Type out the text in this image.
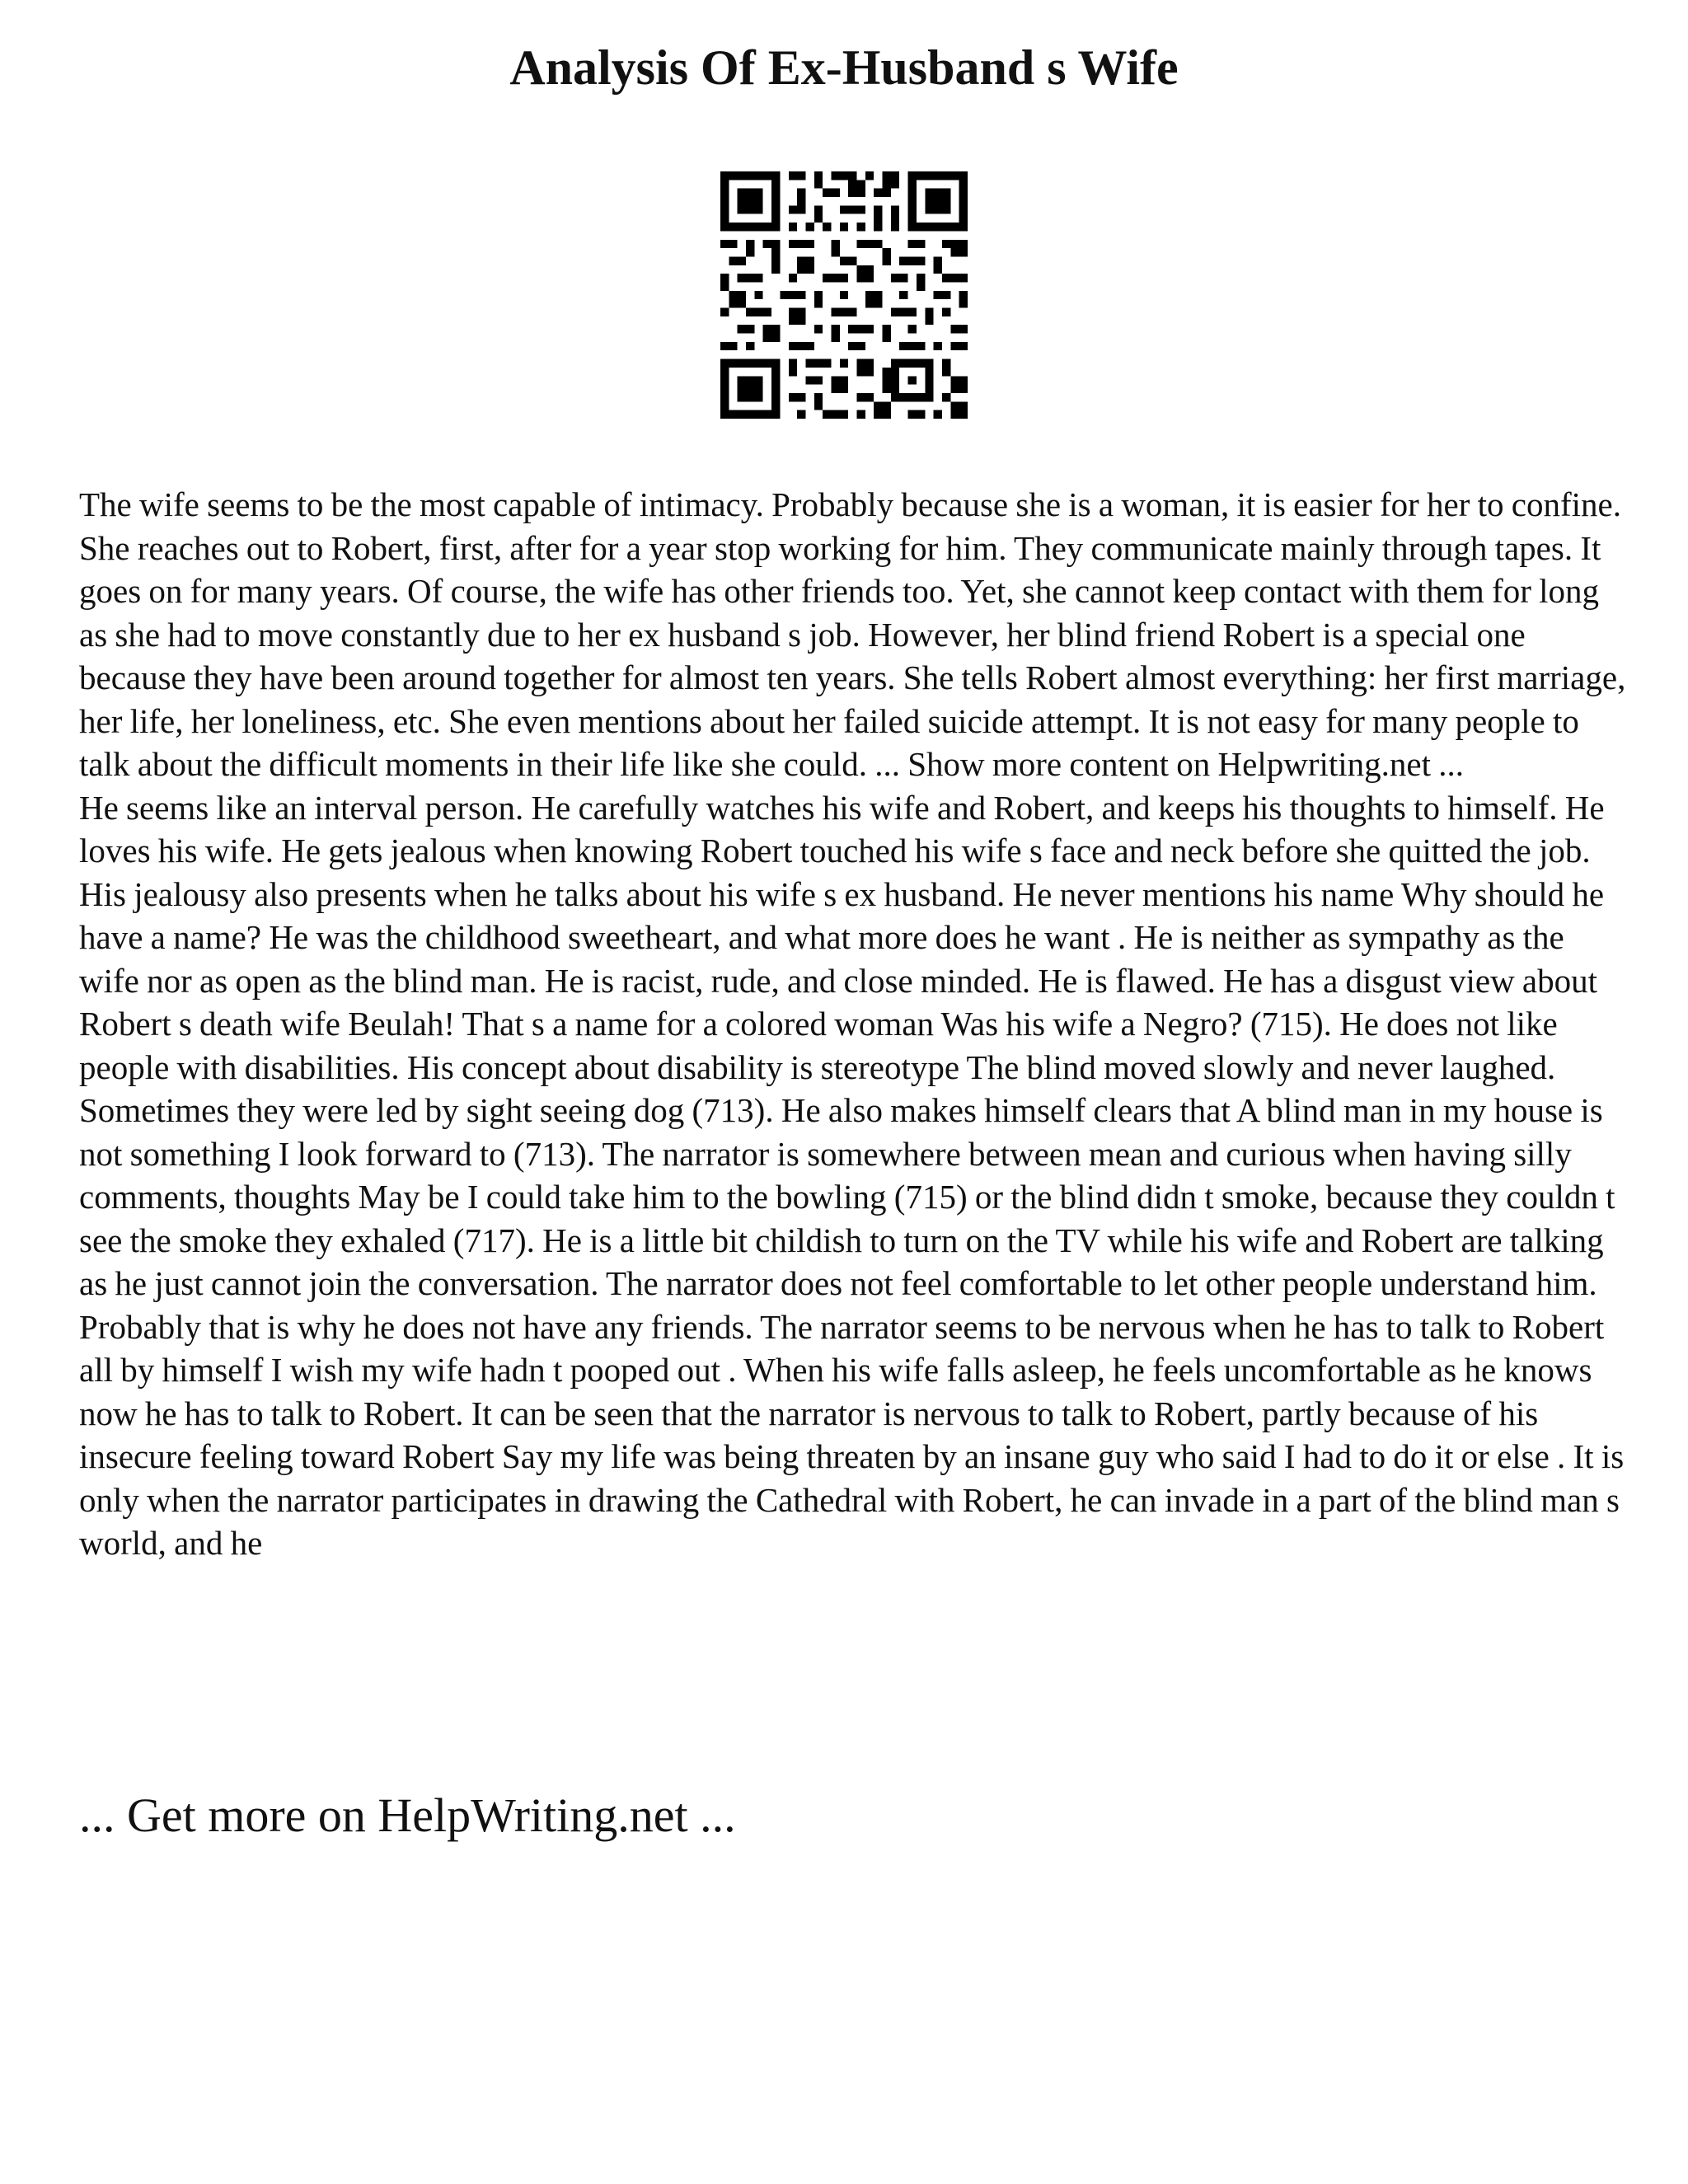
Analysis Of Ex-Husband s Wife

The wife seems to be the most capable of intimacy. Probably because she is a woman, it is easier for her to confine. She reaches out to Robert, first, after for a year stop working for him. They communicate mainly through tapes. It goes on for many years. Of course, the wife has other friends too. Yet, she cannot keep contact with them for long as she had to move constantly due to her ex husband s job. However, her blind friend Robert is a special one because they have been around together for almost ten years. She tells Robert almost everything: her first marriage, her life, her loneliness, etc. She even mentions about her failed suicide attempt. It is not easy for many people to talk about the difficult moments in their life like she could. ... Show more content on Helpwriting.net ...

He seems like an interval person. He carefully watches his wife and Robert, and keeps his thoughts to himself. He loves his wife. He gets jealous when knowing Robert touched his wife s face and neck before she quitted the job. His jealousy also presents when he talks about his wife s ex husband. He never mentions his name Why should he have a name? He was the childhood sweetheart, and what more does he want . He is neither as sympathy as the wife nor as open as the blind man. He is racist, rude, and close minded. He is flawed. He has a disgust view about Robert s death wife Beulah! That s a name for a colored woman Was his wife a Negro? (715). He does not like people with disabilities. His concept about disability is stereotype The blind moved slowly and never laughed. Sometimes they were led by sight seeing dog (713). He also makes himself clears that A blind man in my house is not something I look forward to (713). The narrator is somewhere between mean and curious when having silly comments, thoughts May be I could take him to the bowling (715) or the blind didn t smoke, because they couldn t see the smoke they exhaled (717). He is a little bit childish to turn on the TV while his wife and Robert are talking as he just cannot join the conversation. The narrator does not feel comfortable to let other people understand him. Probably that is why he does not have any friends. The narrator seems to be nervous when he has to talk to Robert all by himself I wish my wife hadn t pooped out . When his wife falls asleep, he feels uncomfortable as he knows now he has to talk to Robert. It can be seen that the narrator is nervous to talk to Robert, partly because of his insecure feeling toward Robert Say my life was being threaten by an insane guy who said I had to do it or else . It is only when the narrator participates in drawing the Cathedral with Robert, he can invade in a part of the blind man s world, and he

... Get more on HelpWriting.net ...
